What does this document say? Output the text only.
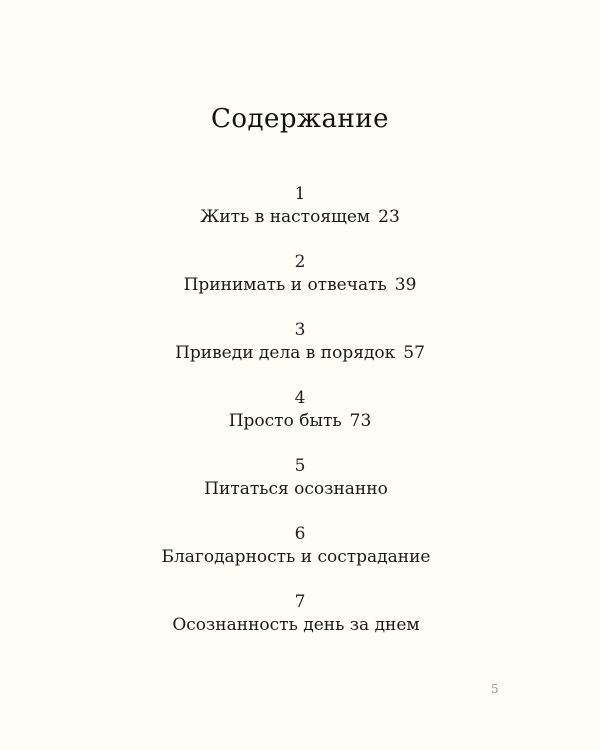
Содержание
1
Жить в настоящем 23
2
Принимать и отвечать 39
3
Приведи дела в порядок 57
4
Просто быть 73
5
Питаться осознанно
6
Благодарность и сострадание
7
Осознанность день за днем
5
